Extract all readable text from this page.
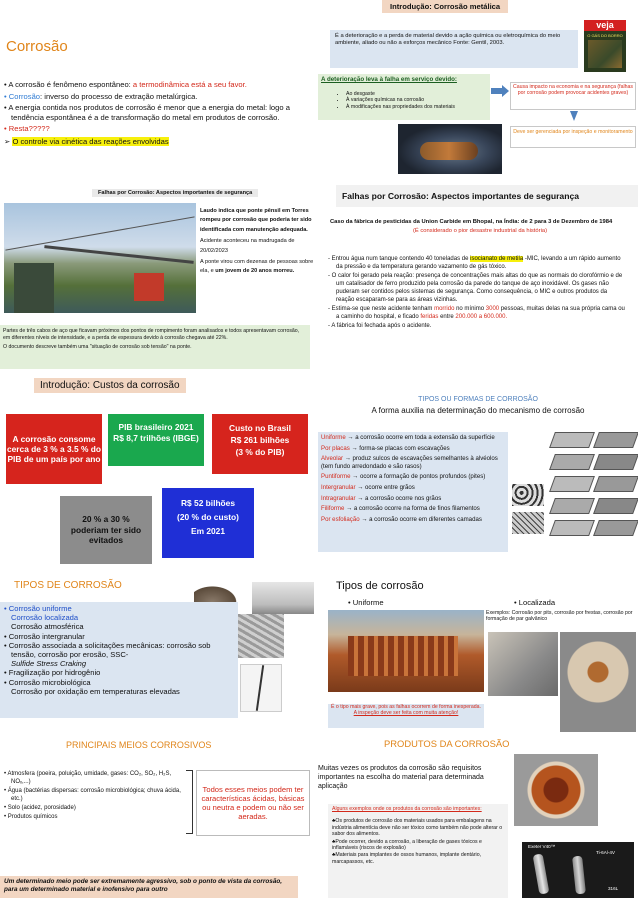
Corrosão
• A corrosão é fenômeno espontâneo: a termodinâmica está a seu favor.
• Corrosão: inverso do processo de extração metalúrgica.
• A energia contida nos produtos de corrosão é menor que a energia do metal: logo a tendência espontânea é a de transformação do metal em produtos de corrosão.
• Resta?????
➢ O controle via cinética das reações envolvidas
Introdução: Corrosão metálica
É a deterioração e a perda de material devido a ação química ou eletroquímica do meio ambiente, aliado ou não a esforços mecânico Fonte: Gentil, 2003.
veja
O GÁS DO BORRO
A deterioração leva à falha em serviço devido:
• Ao desgaste
• À variações químicas na corrosão
• À modificações nas propriedades dos materiais
Causa impacto na economia e na segurança (falhas por corrosão podem provocar acidentes graves)
Deve ser gerenciada por inspeção e monitoramento
Falhas por Corrosão: Aspectos importantes de segurança
Laudo indica que ponte pênsil em Torres rompeu por corrosão que poderia ter sido identificada com manutenção adequada.
Acidente aconteceu na madrugada de 20/02/2023
A ponte virou com dezenas de pessoas sobre ela, e um jovem de 20 anos morreu.
Partes de três cabos de aço que ficavam próximos dos pontos de rompimento foram analisados e todos apresentavam corrosão, em diferentes níveis de intensidade, e a perda de espessura devido à corrosão chegava até 22%.
O documento descreve também uma "situação de corrosão sob tensão" na ponte.
Falhas por Corrosão: Aspectos importantes de segurança
Caso da fábrica de pesticidas da Union Carbide em Bhopal, na Índia: de 2 para 3 de Dezembro de 1984
(É considerado o pior desastre industrial da história)
- Entrou água num tanque contendo 40 toneladas de isocianato de metila -MIC, levando a um rápido aumento da pressão e da temperatura gerando vazamento de gás tóxico.
- O calor foi gerado pela reação: presença de concentrações mais altas do que as normais do clorofórmio e de um catalisador de ferro produzido pela corrosão da parede do tanque de aço inoxidável. Os gases não puderam ser contidos pelos sistemas de segurança. Como consequência, o MIC e outros produtos da reação escaparam-se para as áreas vizinhas.
- Estima-se que neste acidente tenham morrido no mínimo 3000 pessoas, muitas delas na sua própria cama ou a caminho do hospital, e ficado feridas entre 200.000 a 600.000.
- A fábrica foi fechada após o acidente.
Introdução: Custos da corrosão
A corrosão consome cerca de 3 % a 3.5 % do PIB de um país por ano
PIB brasileiro 2021
R$ 8,7 trilhões (IBGE)
Custo no Brasil
R$ 261 bilhões
(3 % do PIB)
20 % a 30 % poderiam ter sido evitados
R$ 52 bilhões
(20 % do custo)
Em 2021
TIPOS OU FORMAS DE CORROSÃO
A forma auxilia na determinação do mecanismo de corrosão
Uniforme → a corrosão ocorre em toda a extensão da superfície
Por placas → forma-se placas com escavações
Alveolar → produz sulcos de escavações semelhantes à alvéolos (tem fundo arredondado e são rasos)
Puntiforme → ocorre a formação de pontos profundos (pites)
Intergranular → ocorre entre grãos
Intragranular → a corrosão ocorre nos grãos
Filiforme → a corrosão ocorre na forma de finos filamentos
Por esfoliação → a corrosão ocorre em diferentes camadas
TIPOS DE CORROSÃO
• Corrosão uniforme
Corrosão localizada
Corrosão atmosférica
• Corrosão intergranular
• Corrosão associada a solicitações mecânicas: corrosão sob tensão, corrosão por erosão, SSC-
Sulfide Stress Craking
• Fragilização por hidrogênio
• Corrosão microbiológica
Corrosão por oxidação em temperaturas elevadas
Tipos de corrosão
• Uniforme	• Localizada
Exemplos: Corrosão por pits, corrosão por frestas, corrosão por formação de par galvânico
É o tipo mais grave, pois as falhas ocorrem de forma inesperada.
A inspeção deve ser feita com muita atenção!
PRINCIPAIS MEIOS CORROSIVOS
• Atmosfera (poeira, poluição, umidade, gases: CO₂, SO₂, H₂S, NOₓ,...)
• Água (bactérias dispersas: corrosão microbiológica; chuva ácida, etc.)
• Solo (acidez, porosidade)
• Produtos químicos
Todos esses meios podem ter características ácidas, básicas ou neutra e podem ou não ser aeradas.
Um determinado meio pode ser extremamente agressivo, sob o ponto de vista da corrosão, para um determinado material e inofensivo para outro
PRODUTOS DA CORROSÃO
Muitas vezes os produtos da corrosão são requisitos importantes na escolha do material para determinada aplicação
Alguns exemplos onde os produtos da corrosão são importantes:
♣Os produtos de corrosão dos materiais usados para embalagens na indústria alimentícia deve não ser tóxico como também não pode alterar o sabor dos alimentos.
♣Pode ocorrer, devido a corrosão, a liberação de gases tóxicos e inflamáveis (riscos de explosão)
♣Materiais para implantes de ossos humanos, implante dentário, marcapassos, etc.
Exeter V40™
Ti-6Al-4V
316L
